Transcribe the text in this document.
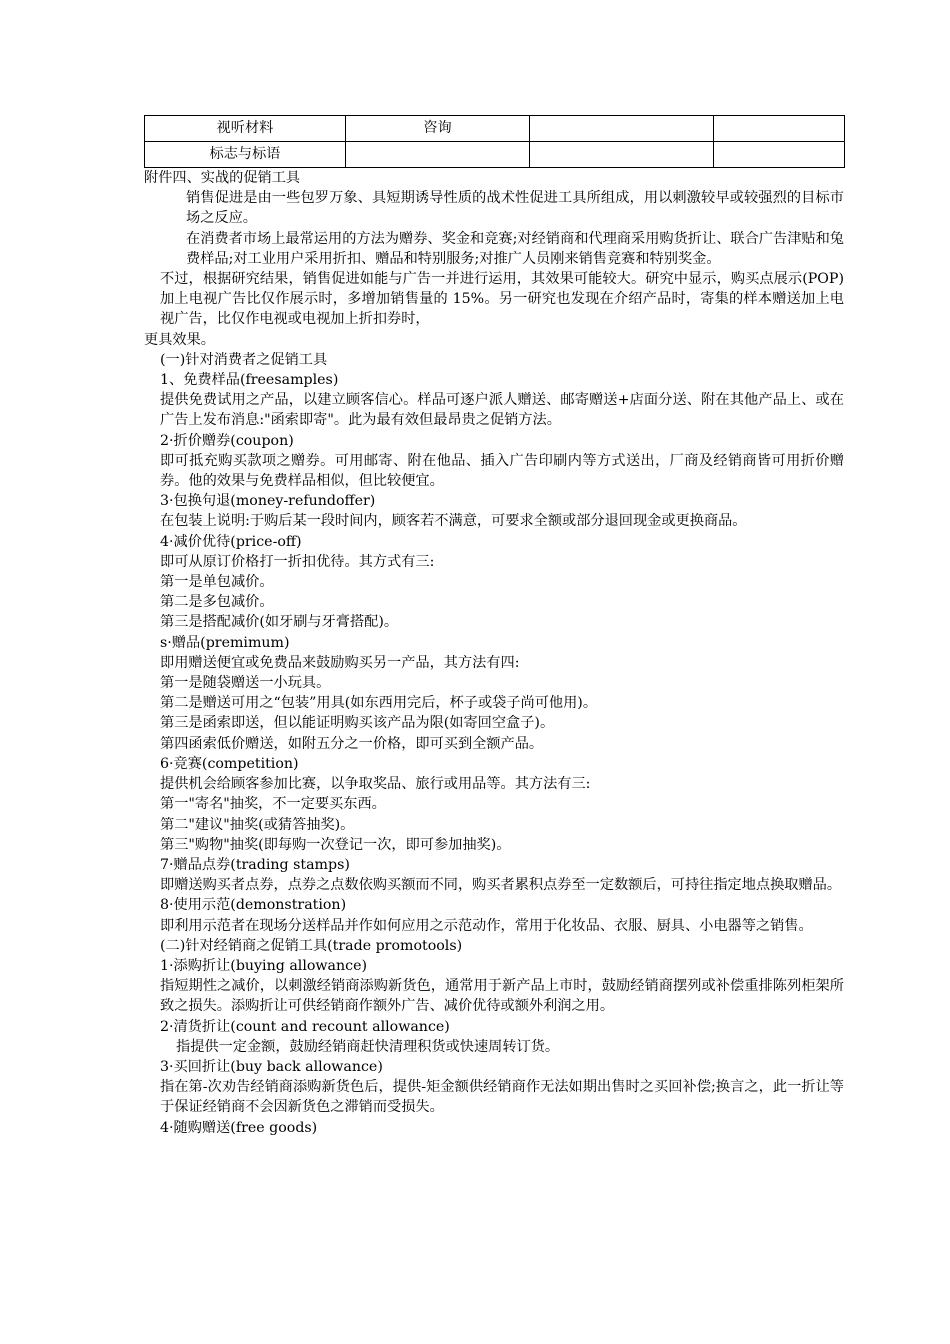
视听材料	咨询		
标志与标语			

附件四、实战的促销工具

销售促进是由一些包罗万象、具短期诱导性质的战术性促进工具所组成，用以刺激较早或较强烈的目标市场之反应。

在消费者市场上最常运用的方法为赠券、奖金和竞赛;对经销商和代理商采用购货折让、联合广告津贴和兔费样品;对工业用户采用折扣、赠品和特别服务;对推广人员刚来销售竞赛和特别奖金。

不过，根据研究结果，销售促进如能与广告一并进行运用，其效果可能较大。研究中显示，购买点展示(POP)加上电视广告比仅作展示时，多增加销售量的 15%。另一研究也发现在介绍产品时，寄集的样本赠送加上电视广告，比仅作电视或电视加上折扣券时，

更具效果。

(一)针对消费者之促销工具

1、免费样品(freesamples)

提供免费试用之产品，以建立顾客信心。样品可逐户派人赠送、邮寄赠送+店面分送、附在其他产品上、或在广告上发布消息:"函索即寄"。此为最有效但最昂贵之促销方法。

2·折价赠券(coupon)

即可抵充购买款项之赠券。可用邮寄、附在他品、插入广告印刷内等方式送出，厂商及经销商皆可用折价赠券。他的效果与免费样品相似，但比较便宜。

3·包换句退(money-refundoffer)

在包装上说明:于购后某一段时间内，顾客若不满意，可要求全额或部分退回现金或更换商品。

4·减价优待(price-off)

即可从原订价格打一折扣优待。其方式有三:

第一是单包减价。

第二是多包减价。

第三是搭配减价(如牙刷与牙膏搭配)。

s·赠品(premimum)

即用赠送便宜或免费品来鼓励购买另一产品，其方法有四:

第一是随袋赠送一小玩具。

第二是赠送可用之“包装”用具(如东西用完后，杯子或袋子尚可他用)。

第三是函索即送，但以能证明购买该产品为限(如寄回空盒子)。

第四函索低价赠送，如附五分之一价格，即可买到全额产品。

6·竞赛(competition)

提供机会给顾客参加比赛，以争取奖品、旅行或用品等。其方法有三:

第一"寄名"抽奖，不一定要买东西。

第二"建议"抽奖(或猜答抽奖)。

第三"购物"抽奖(即每购一次登记一次，即可参加抽奖)。

7·赠品点券(trading stamps)

即赠送购买者点券，点券之点数依购买额而不同，购买者累积点券至一定数额后，可持往指定地点换取赠品。

8·使用示范(demonstration)

即利用示范者在现场分送样品并作如何应用之示范动作，常用于化妆品、衣服、厨具、小电器等之销售。

(二)针对经销商之促销工具(trade promotools)

1·添购折让(buying allowance)

指短期性之减价，以刺激经销商添购新货色，通常用于新产品上市时，鼓励经销商摆列或补偿重排陈列柜架所致之损失。添购折让可供经销商作额外广告、减价优待或额外利润之用。

2·清货折让(count and recount allowance)

指提供一定金额，鼓励经销商赶快清理积货或快速周转订货。

3·买回折让(buy back allowance)

指在第-次劝告经销商添购新货色后，提供-矩金额供经销商作无法如期出售时之买回补偿;换言之，此一折让等于保证经销商不会因新货色之滞销而受损失。

4·随购赠送(free goods)
